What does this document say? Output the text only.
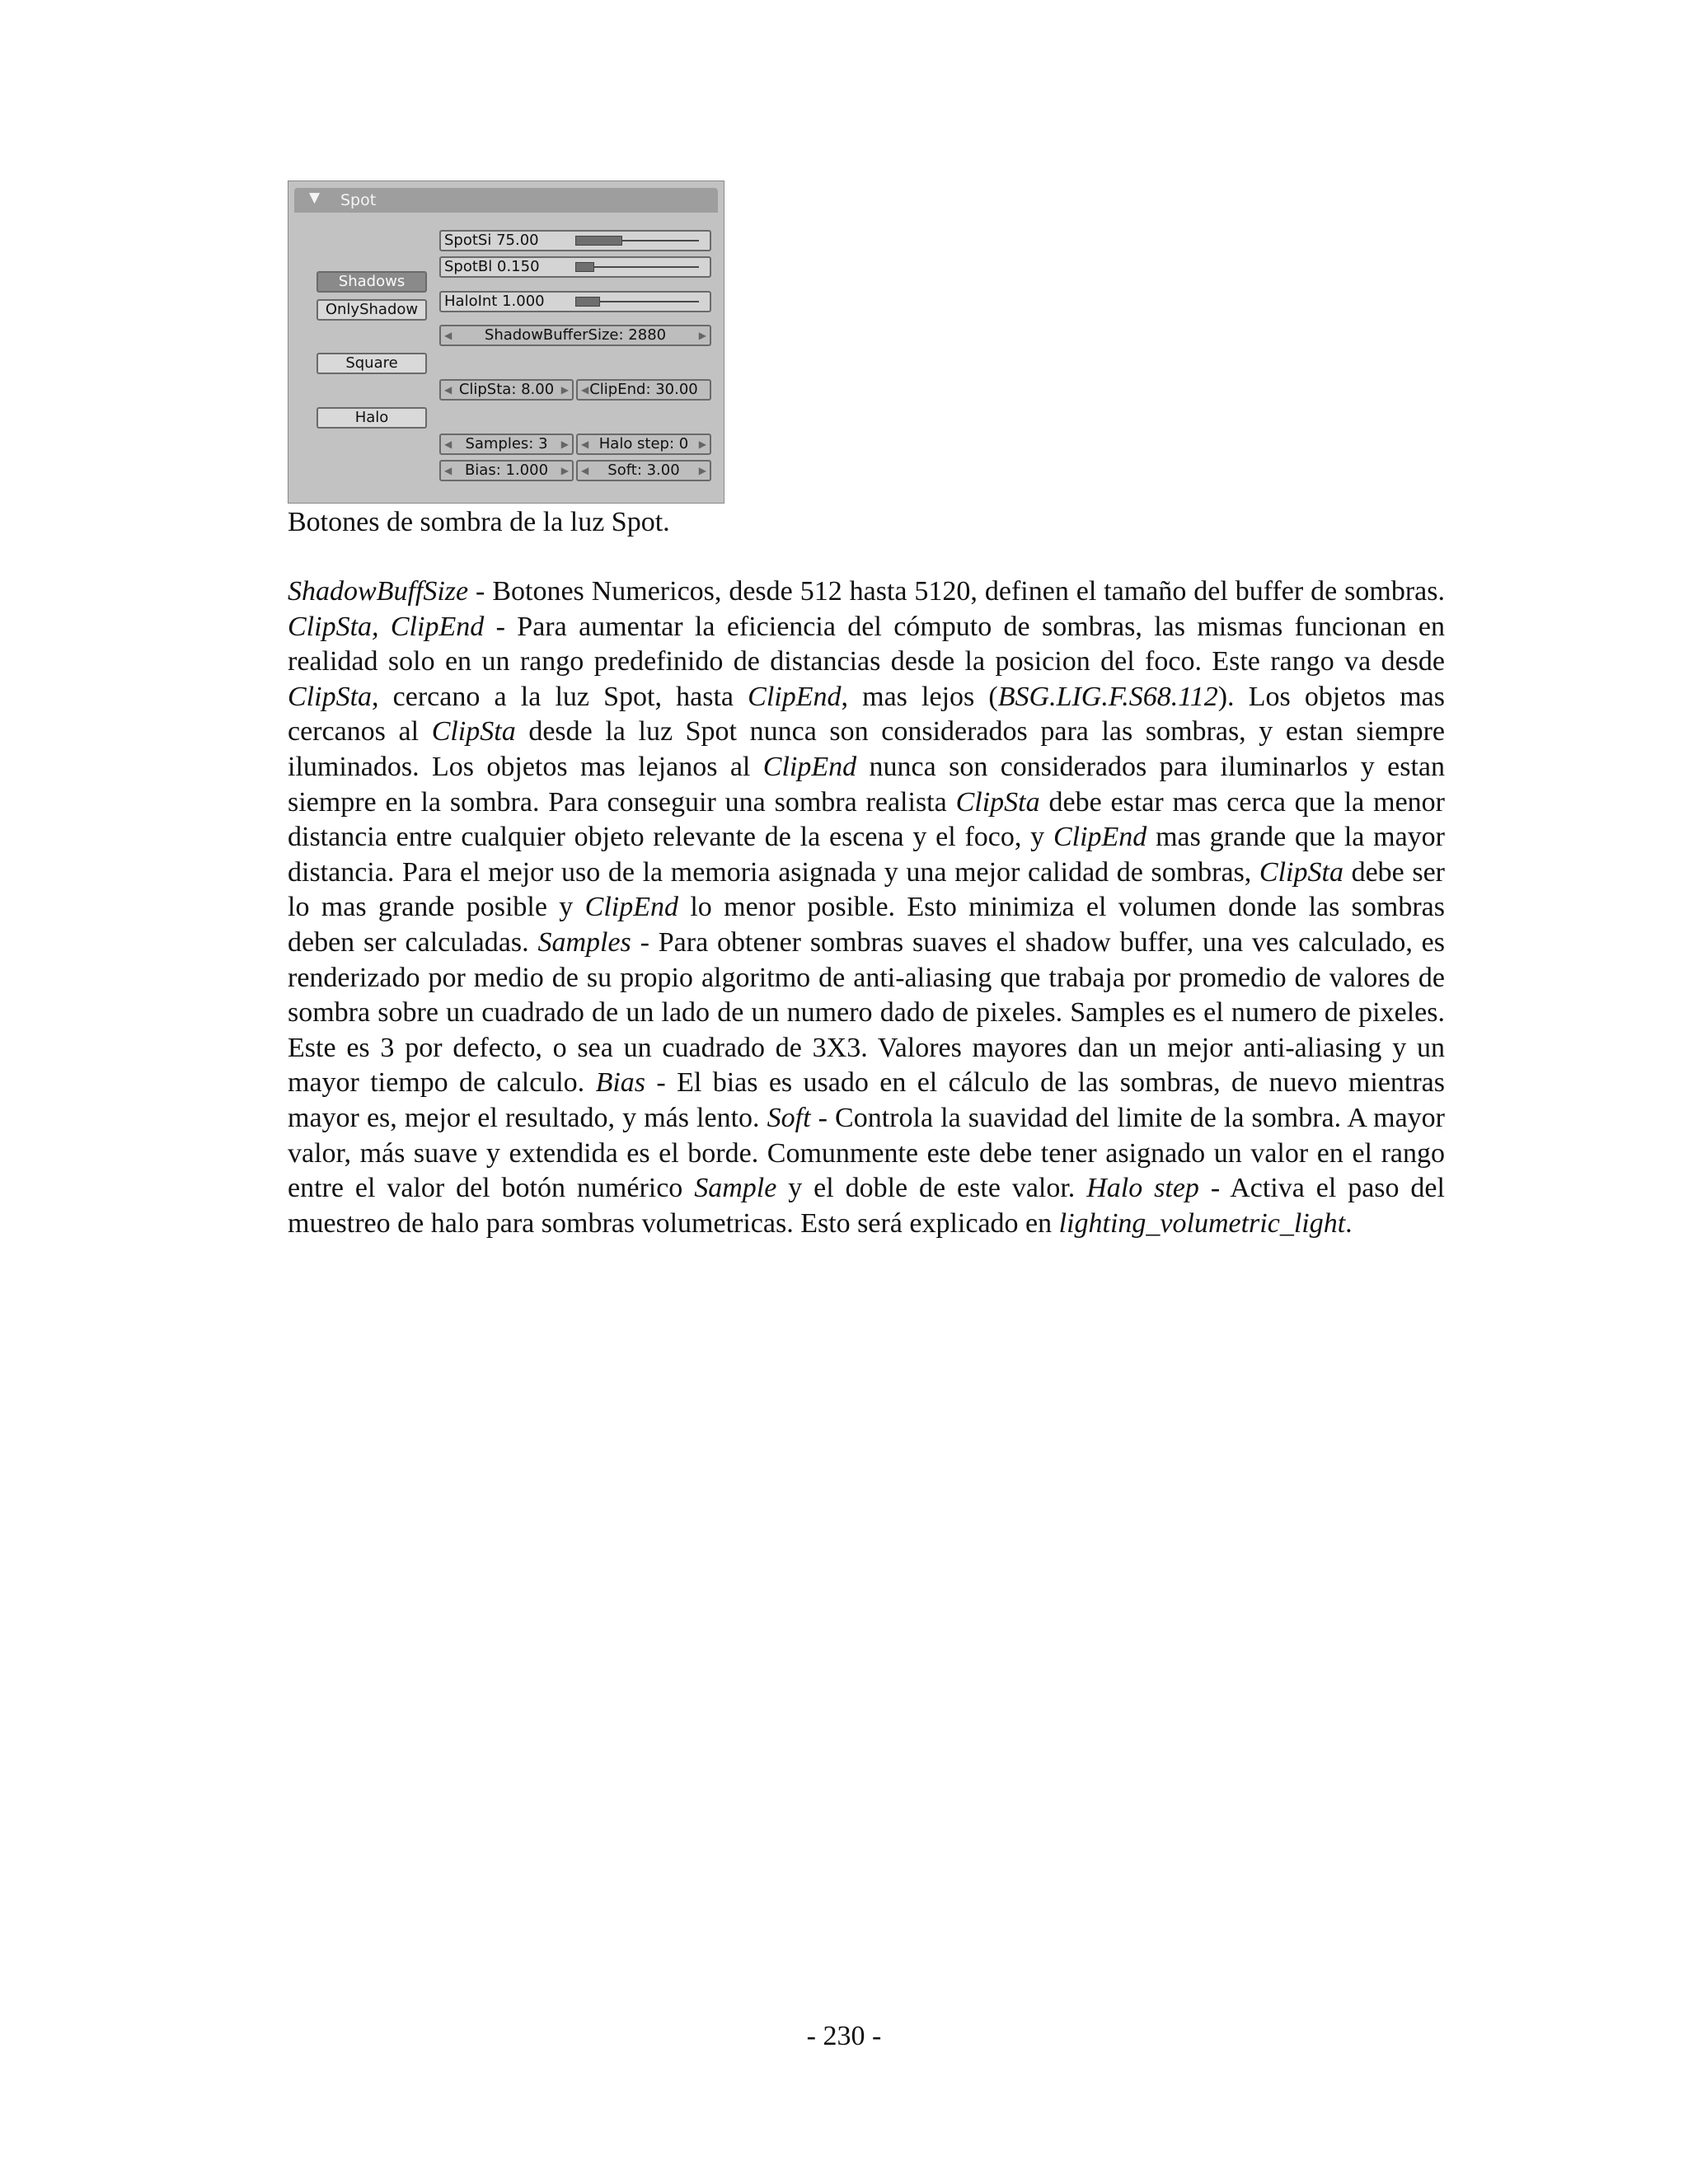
▼ Spot
Shadows
OnlyShadow
Square
Halo
SpotSi 75.00
SpotBl 0.150
HaloInt 1.000
◀ ShadowBufferSize: 2880	▶
◀ ClipSta: 8.00 ▶ ◀ ClipEnd: 30.00
◀ Samples: 3 ▶ ◀ Halo step: 0 ▶
◀ Bias: 1.000 ▶ ◀ Soft: 3.00 ▶
Botones de sombra de la luz Spot.
ShadowBuffSize - Botones Numericos, desde 512 hasta 5120, definen el tamaño del buffer de sombras. ClipSta, ClipEnd - Para aumentar la eficiencia del cómputo de sombras, las mismas funcionan en realidad solo en un rango predefinido de distancias desde la posicion del foco. Este rango va desde ClipSta, cercano a la luz Spot, hasta ClipEnd, mas lejos (BSG.LIG.F.S68.112). Los objetos mas cercanos al ClipSta desde la luz Spot nunca son considerados para las sombras, y estan siempre iluminados. Los objetos mas lejanos al ClipEnd nunca son considerados para iluminarlos y estan siempre en la sombra. Para conseguir una sombra realista ClipSta debe estar mas cerca que la menor distancia entre cualquier objeto relevante de la escena y el foco, y ClipEnd mas grande que la mayor distancia. Para el mejor uso de la memoria asignada y una mejor calidad de sombras, ClipSta debe ser lo mas grande posible y ClipEnd lo menor posible. Esto minimiza el volumen donde las sombras deben ser calculadas. Samples - Para obtener sombras suaves el shadow buffer, una ves calculado, es renderizado por medio de su propio algoritmo de anti-aliasing que trabaja por promedio de valores de sombra sobre un cuadrado de un lado de un numero dado de pixeles. Samples es el numero de pixeles. Este es 3 por defecto, o sea un cuadrado de 3X3. Valores mayores dan un mejor anti-aliasing y un mayor tiempo de calculo. Bias - El bias es usado en el cálculo de las sombras, de nuevo mientras mayor es, mejor el resultado, y más lento. Soft - Controla la suavidad del limite de la sombra. A mayor valor, más suave y extendida es el borde. Comunmente este debe tener asignado un valor en el rango entre el valor del botón numérico Sample y el doble de este valor. Halo step - Activa el paso del muestreo de halo para sombras volumetricas. Esto será explicado en lighting_volumetric_light.
- 230 -
